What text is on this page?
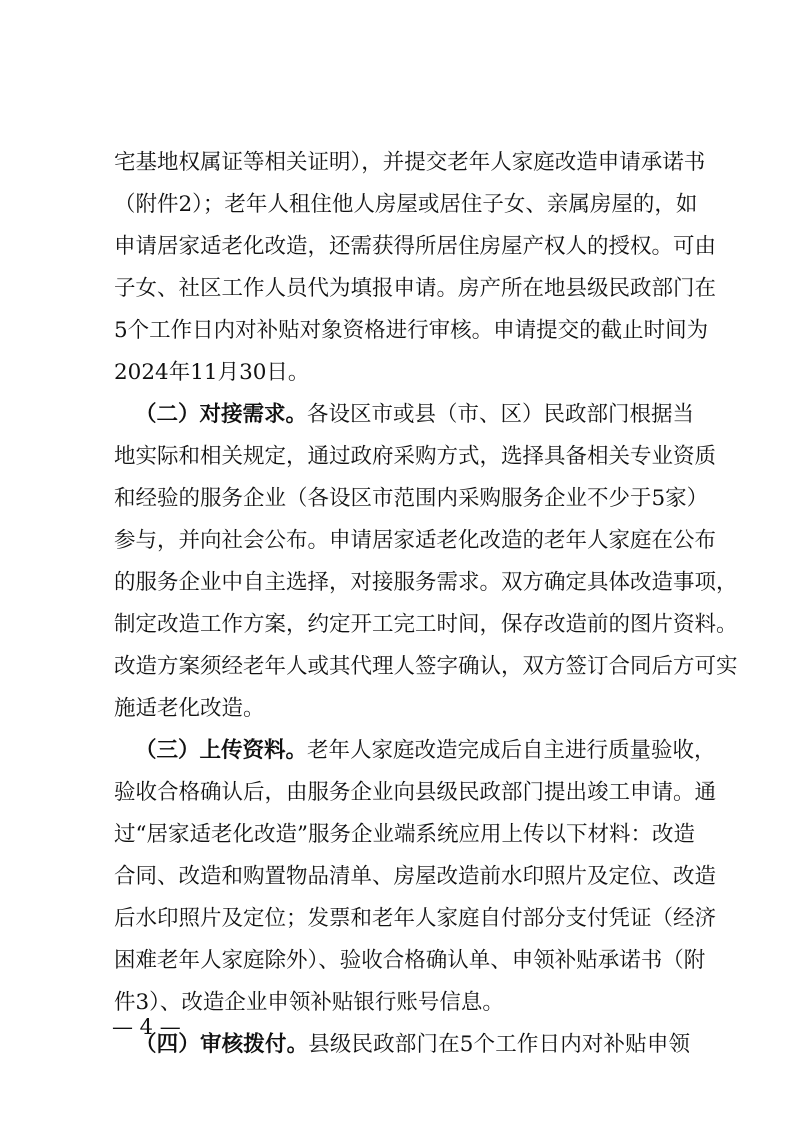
宅基地权属证等相关证明），并提交老年人家庭改造申请承诺书
（附件2）；老年人租住他人房屋或居住子女、亲属房屋的，如
申请居家适老化改造，还需获得所居住房屋产权人的授权。可由
子女、社区工作人员代为填报申请。房产所在地县级民政部门在
5个工作日内对补贴对象资格进行审核。申请提交的截止时间为
2024年11月30日。
（二）对接需求。各设区市或县（市、区）民政部门根据当
地实际和相关规定，通过政府采购方式，选择具备相关专业资质
和经验的服务企业（各设区市范围内采购服务企业不少于5家）
参与，并向社会公布。申请居家适老化改造的老年人家庭在公布
的服务企业中自主选择，对接服务需求。双方确定具体改造事项，
制定改造工作方案，约定开工完工时间，保存改造前的图片资料。
改造方案须经老年人或其代理人签字确认，双方签订合同后方可实
施适老化改造。
（三）上传资料。老年人家庭改造完成后自主进行质量验收，
验收合格确认后，由服务企业向县级民政部门提出竣工申请。通
过“居家适老化改造”服务企业端系统应用上传以下材料：改造
合同、改造和购置物品清单、房屋改造前水印照片及定位、改造
后水印照片及定位；发票和老年人家庭自付部分支付凭证（经济
困难老年人家庭除外）、验收合格确认单、申领补贴承诺书（附
件3）、改造企业申领补贴银行账号信息。
（四）审核拨付。县级民政部门在5个工作日内对补贴申领
— 4 —
